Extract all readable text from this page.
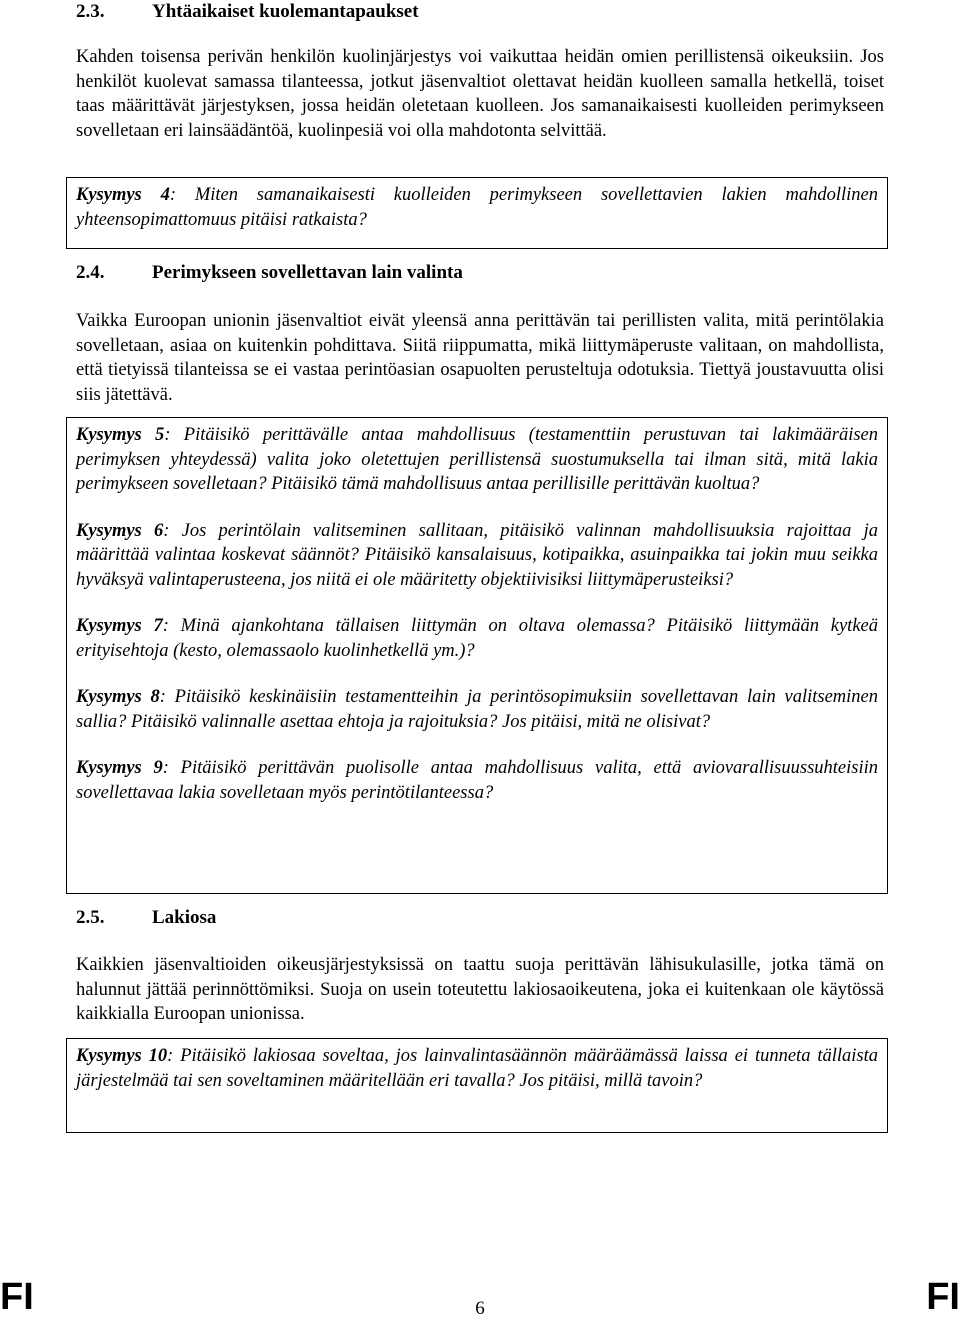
2.3.	Yhtäaikaiset kuolemantapaukset

Kahden toisensa perivän henkilön kuolinjärjestys voi vaikuttaa heidän omien perillistensä oikeuksiin. Jos henkilöt kuolevat samassa tilanteessa, jotkut jäsenvaltiot olettavat heidän kuolleen samalla hetkellä, toiset taas määrittävät järjestyksen, jossa heidän oletetaan kuolleen. Jos samanaikaisesti kuolleiden perimykseen sovelletaan eri lainsäädäntöä, kuolinpesiä voi olla mahdotonta selvittää.

Kysymys 4: Miten samanaikaisesti kuolleiden perimykseen sovellettavien lakien mahdollinen yhteensopimattomuus pitäisi ratkaista?

2.4.	Perimykseen sovellettavan lain valinta

Vaikka Euroopan unionin jäsenvaltiot eivät yleensä anna perittävän tai perillisten valita, mitä perintölakia sovelletaan, asiaa on kuitenkin pohdittava. Siitä riippumatta, mikä liittymäperuste valitaan, on mahdollista, että tietyissä tilanteissa se ei vastaa perintöasian osapuolten perusteltuja odotuksia. Tiettyä joustavuutta olisi siis jätettävä.

Kysymys 5: Pitäisikö perittävälle antaa mahdollisuus (testamenttiin perustuvan tai lakimääräisen perimyksen yhteydessä) valita joko oletettujen perillistensä suostumuksella tai ilman sitä, mitä lakia perimykseen sovelletaan? Pitäisikö tämä mahdollisuus antaa perillisille perittävän kuoltua?

Kysymys 6: Jos perintölain valitseminen sallitaan, pitäisikö valinnan mahdollisuuksia rajoittaa ja määrittää valintaa koskevat säännöt? Pitäisikö kansalaisuus, kotipaikka, asuinpaikka tai jokin muu seikka hyväksyä valintaperusteena, jos niitä ei ole määritetty objektiivisiksi liittymäperusteiksi?

Kysymys 7: Minä ajankohtana tällaisen liittymän on oltava olemassa? Pitäisikö liittymään kytkeä erityisehtoja (kesto, olemassaolo kuolinhetkellä ym.)?

Kysymys 8: Pitäisikö keskinäisiin testamentteihin ja perintösopimuksiin sovellettavan lain valitseminen sallia? Pitäisikö valinnalle asettaa ehtoja ja rajoituksia? Jos pitäisi, mitä ne olisivat?

Kysymys 9: Pitäisikö perittävän puolisolle antaa mahdollisuus valita, että aviovarallisuussuhteisiin sovellettavaa lakia sovelletaan myös perintötilanteessa?

2.5.	Lakiosa

Kaikkien jäsenvaltioiden oikeusjärjestyksissä on taattu suoja perittävän lähisukulasille, jotka tämä on halunnut jättää perinnöttömiksi. Suoja on usein toteutettu lakiosaoikeutena, joka ei kuitenkaan ole käytössä kaikkialla Euroopan unionissa.

Kysymys 10: Pitäisikö lakiosaa soveltaa, jos lainvalintasäännön määräämässä laissa ei tunneta tällaista järjestelmää tai sen soveltaminen määritellään eri tavalla? Jos pitäisi, millä tavoin?

FI	6	FI
